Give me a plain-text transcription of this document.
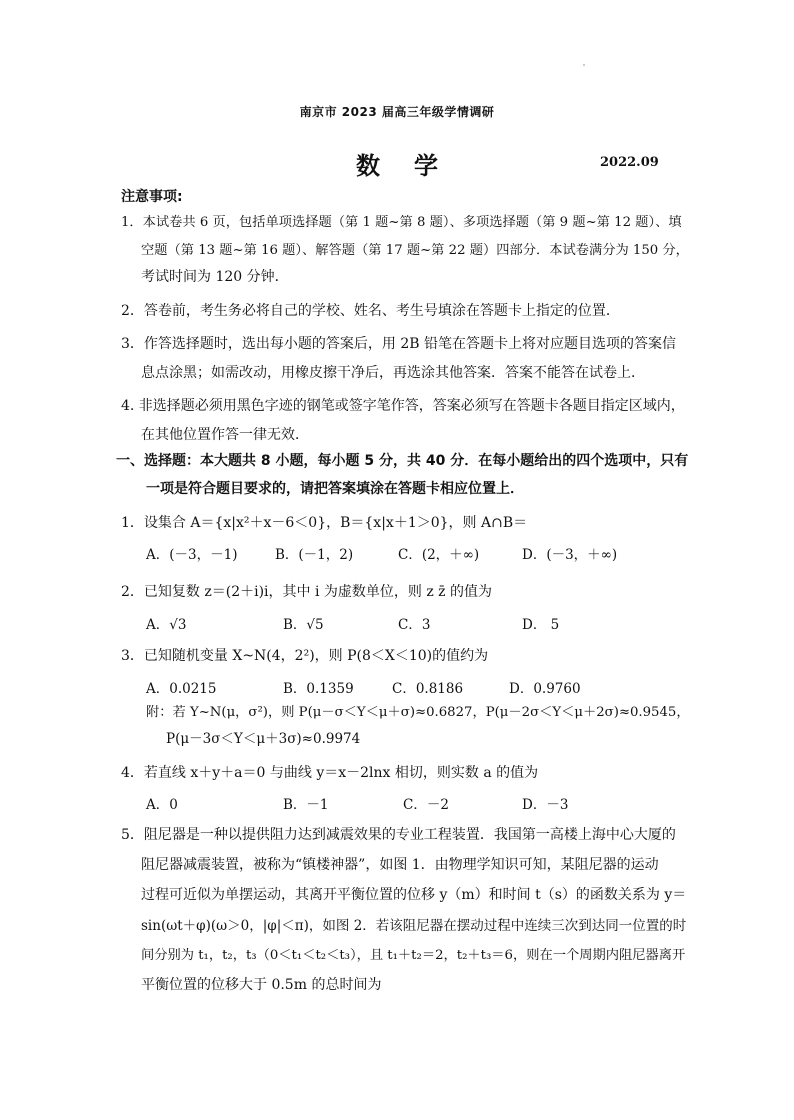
南京市 2023 届高三年级学情调研
数学	2022.09
注意事项:
1．本试卷共 6 页，包括单项选择题（第 1 题~第 8 题）、多项选择题（第 9 题~第 12 题）、填
空题（第 13 题~第 16 题）、解答题（第 17 题~第 22 题）四部分．本试卷满分为 150 分，
考试时间为 120 分钟．
2．答卷前，考生务必将自己的学校、姓名、考生号填涂在答题卡上指定的位置．
3．作答选择题时，选出每小题的答案后，用 2B 铅笔在答题卡上将对应题目选项的答案信
息点涂黑；如需改动，用橡皮擦干净后，再选涂其他答案．答案不能答在试卷上．
4. 非选择题必须用黑色字迹的钢笔或签字笔作答，答案必须写在答题卡各题目指定区域内，
在其他位置作答一律无效．
一、选择题：本大题共 8 小题，每小题 5 分，共 40 分．在每小题给出的四个选项中，只有
一项是符合题目要求的，请把答案填涂在答题卡相应位置上．
1．设集合 A＝{x|x²＋x－6＜0}，B＝{x|x＋1＞0}，则 A∩B＝
A．(－3，－1)	B．(－1，2)	C．(2，＋∞)	D．(－3，＋∞)
2．已知复数 z＝(2＋i)i，其中 i 为虚数单位，则 z z̄ 的值为
A．√3	B．√5	C．3	D． 5
3．已知随机变量 X~N(4，2²)，则 P(8＜X＜10)的值约为
A．0.0215	B．0.1359	C．0.8186	D．0.9760
附：若 Y~N(μ，σ²)，则 P(μ－σ＜Y＜μ＋σ)≈0.6827，P(μ－2σ＜Y＜μ＋2σ)≈0.9545，
P(μ－3σ＜Y＜μ＋3σ)≈0.9974
4．若直线 x＋y＋a＝0 与曲线 y＝x－2lnx 相切，则实数 a 的值为
A．0	B．－1	C．－2	D．－3
5．阻尼器是一种以提供阻力达到减震效果的专业工程装置．我国第一高楼上海中心大厦的
阻尼器减震装置，被称为“镇楼神器”，如图 1．由物理学知识可知，某阻尼器的运动
过程可近似为单摆运动，其离开平衡位置的位移 y（m）和时间 t（s）的函数关系为 y＝
sin(ωt＋φ)(ω＞0，|φ|＜π)，如图 2．若该阻尼器在摆动过程中连续三次到达同一位置的时
间分别为 t₁，t₂，t₃（0＜t₁＜t₂＜t₃），且 t₁＋t₂＝2，t₂＋t₃＝6，则在一个周期内阻尼器离开
平衡位置的位移大于 0.5m 的总时间为
